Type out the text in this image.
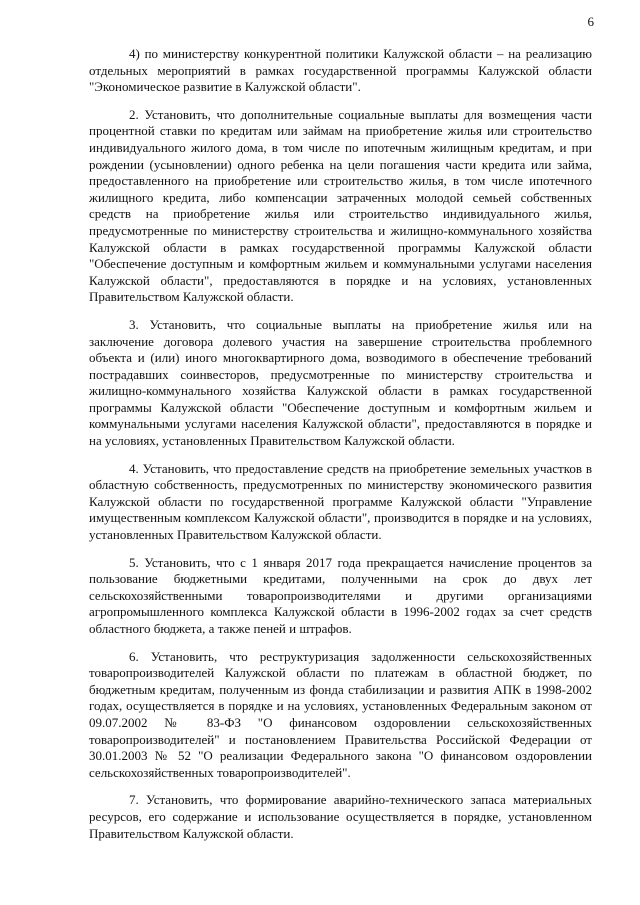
6

4) по министерству конкурентной политики Калужской области – на реализацию отдельных мероприятий в рамках государственной программы Калужской области "Экономическое развитие в Калужской области".

2. Установить, что дополнительные социальные выплаты для возмещения части процентной ставки по кредитам или займам на приобретение жилья или строительство индивидуального жилого дома, в том числе по ипотечным жилищным кредитам, и при рождении (усыновлении) одного ребенка на цели погашения части кредита или займа, предоставленного на приобретение или строительство жилья, в том числе ипотечного жилищного кредита, либо компенсации затраченных молодой семьей собственных средств на приобретение жилья или строительство индивидуального жилья, предусмотренные по министерству строительства и жилищно-коммунального хозяйства Калужской области в рамках государственной программы Калужской области "Обеспечение доступным и комфортным жильем и коммунальными услугами населения Калужской области", предоставляются в порядке и на условиях, установленных Правительством Калужской области.

3. Установить, что социальные выплаты на приобретение жилья или на заключение договора долевого участия на завершение строительства проблемного объекта и (или) иного многоквартирного дома, возводимого в обеспечение требований пострадавших соинвесторов, предусмотренные по министерству строительства и жилищно-коммунального хозяйства Калужской области в рамках государственной программы Калужской области "Обеспечение доступным и комфортным жильем и коммунальными услугами населения Калужской области", предоставляются в порядке и на условиях, установленных Правительством Калужской области.

4. Установить, что предоставление средств на приобретение земельных участков в областную собственность, предусмотренных по министерству экономического развития Калужской области по государственной программе Калужской области "Управление имущественным комплексом Калужской области", производится в порядке и на условиях, установленных Правительством Калужской области.

5. Установить, что с 1 января 2017 года прекращается начисление процентов за пользование бюджетными кредитами, полученными на срок до двух лет сельскохозяйственными товаропроизводителями и другими организациями агропромышленного комплекса Калужской области в 1996-2002 годах за счет средств областного бюджета, а также пеней и штрафов.

6. Установить, что реструктуризация задолженности сельскохозяйственных товаропроизводителей Калужской области по платежам в областной бюджет, по бюджетным кредитам, полученным из фонда стабилизации и развития АПК в 1998-2002 годах, осуществляется в порядке и на условиях, установленных Федеральным законом от 09.07.2002 № 83-ФЗ "О финансовом оздоровлении сельскохозяйственных товаропроизводителей" и постановлением Правительства Российской Федерации от 30.01.2003 № 52 "О реализации Федерального закона "О финансовом оздоровлении сельскохозяйственных товаропроизводителей".

7. Установить, что формирование аварийно-технического запаса материальных ресурсов, его содержание и использование осуществляется в порядке, установленном Правительством Калужской области.
